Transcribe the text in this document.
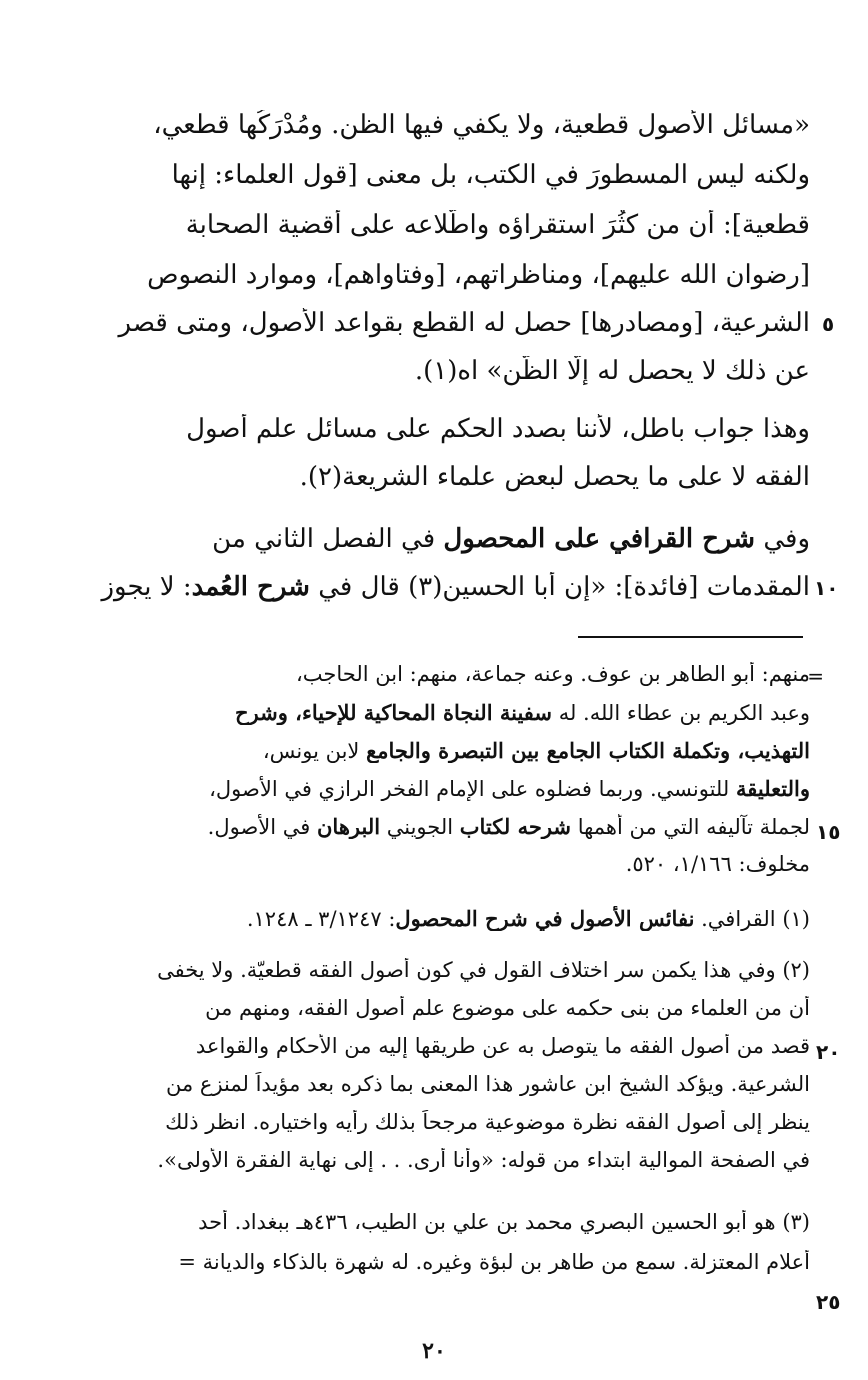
«مسائل الأصول قطعية، ولا يكفي فيها الظن. ومُدْرَكُها قطعي،
ولكنه ليس المسطورَ في الكتب، بل معنى [قول العلماء: إنها
قطعية]: أن من كثُرَ استقراؤه واطّلاعه على أقضية الصحابة
[رضوان الله عليهم]، ومناظراتهم، [وفتاواهم]، وموارد النصوص
الشرعية، [ومصادرها] حصل له القطع بقواعد الأصول، ومتى قصر
عن ذلك لا يحصل له إلّا الظّن» اه(١).
وهذا جواب باطل، لأننا بصدد الحكم على مسائل علم أصول
الفقه لا على ما يحصل لبعض علماء الشريعة(٢).
وفي شرح القرافي على المحصول في الفصل الثاني من
المقدمات [فائدة]: «إن أبا الحسين(٣) قال في شرح العُمد: لا يجوز
٥
١٠
١٥
٢٠
٢٥
=
منهم: أبو الطاهر بن عوف. وعنه جماعة، منهم: ابن الحاجب،
وعبد الكريم بن عطاء الله. له سفينة النجاة المحاكية للإحياء، وشرح
التهذيب، وتكملة الكتاب الجامع بين التبصرة والجامع لابن يونس،
والتعليقة للتونسي. وربما فضلوه على الإمام الفخر الرازي في الأصول،
لجملة تآليفه التي من أهمها شرحه لكتاب الجويني البرهان في الأصول.
مخلوف: ١/١٦٦، ٥٢٠.
(١) القرافي. نفائس الأصول في شرح المحصول: ٣/١٢٤٧ ـ ١٢٤٨.
(٢) وفي هذا يكمن سر اختلاف القول في كون أصول الفقه قطعيّة. ولا يخفى
أن من العلماء من بنى حكمه على موضوع علم أصول الفقه، ومنهم من
قصد من أصول الفقه ما يتوصل به عن طريقها إليه من الأحكام والقواعد
الشرعية. ويؤكد الشيخ ابن عاشور هذا المعنى بما ذكره بعد مؤيداً لمنزع من
ينظر إلى أصول الفقه نظرة موضوعية مرجحاً بذلك رأيه واختياره. انظر ذلك
في الصفحة الموالية ابتداء من قوله: «وأنا أرى. . . إلى نهاية الفقرة الأولى».
(٣) هو أبو الحسين البصري محمد بن علي بن الطيب، ٤٣٦هـ ببغداد. أحد
أعلام المعتزلة. سمع من طاهر بن لبؤة وغيره. له شهرة بالذكاء والديانة =
٢٠
